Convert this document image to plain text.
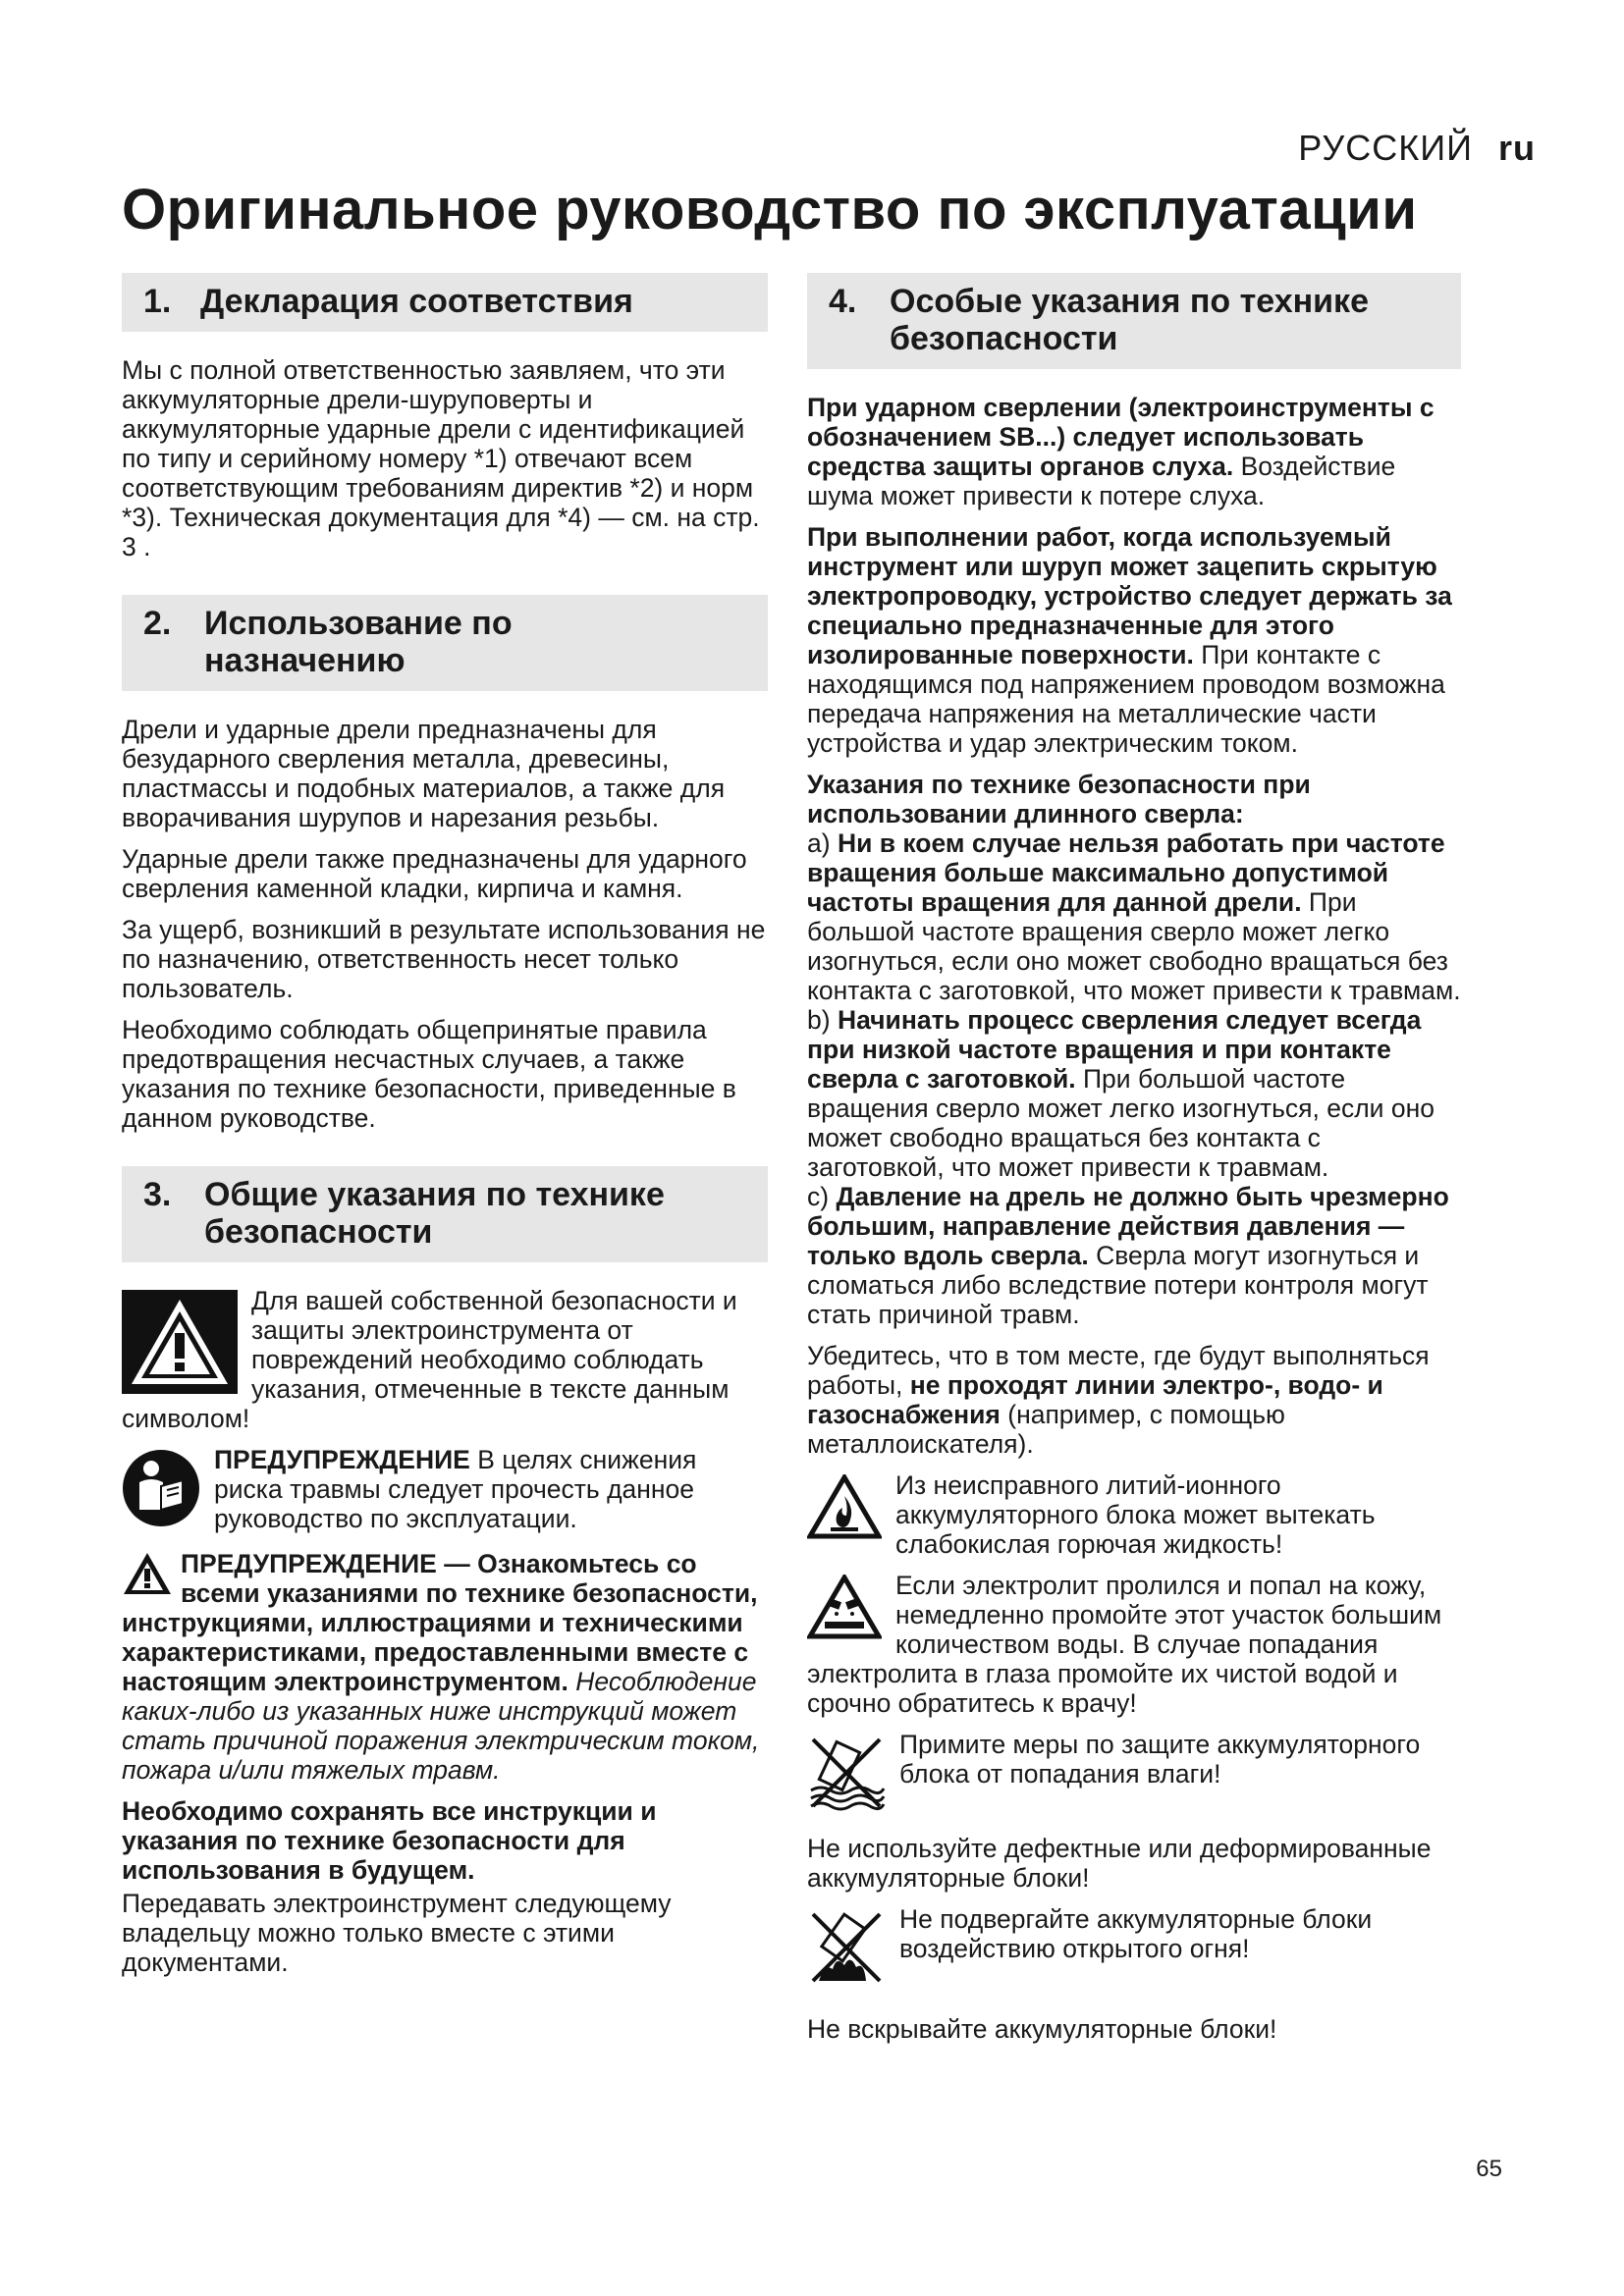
РУССКИЙ ru
Оригинальное руководство по эксплуатации
1. Декларация соответствия

Мы с полной ответственностью заявляем, что эти аккумуляторные дрели-шуруповерты и аккумуляторные ударные дрели с идентификацией по типу и серийному номеру *1) отвечают всем соответствующим требованиям директив *2) и норм *3). Техническая документация для *4) — см. на стр. 3 .

2. Использование по назначению

Дрели и ударные дрели предназначены для безударного сверления металла, древесины, пластмассы и подобных материалов, а также для вворачивания шурупов и нарезания резьбы.

Ударные дрели также предназначены для ударного сверления каменной кладки, кирпича и камня.

За ущерб, возникший в результате использования не по назначению, ответственность несет только пользователь.

Необходимо соблюдать общепринятые правила предотвращения несчастных случаев, а также указания по технике безопасности, приведенные в данном руководстве.

3. Общие указания по технике безопасности
Для вашей собственной безопасности и защиты электроинструмента от повреждений необходимо соблюдать указания, отмеченные в тексте данным символом!
ПРЕДУПРЕЖДЕНИЕ В целях снижения риска травмы следует прочесть данное руководство по эксплуатации.
ПРЕДУПРЕЖДЕНИЕ — Ознакомьтесь со всеми указаниями по технике безопасности, инструкциями, иллюстрациями и техническими характеристиками, предоставленными вместе с настоящим электроинструментом. Несоблюдение каких-либо из указанных ниже инструкций может стать причиной поражения электрическим током, пожара и/или тяжелых травм.

Необходимо сохранять все инструкции и указания по технике безопасности для использования в будущем.

Передавать электроинструмент следующему владельцу можно только вместе с этими документами.

4. Особые указания по технике безопасности

При ударном сверлении (электроинструменты с обозначением SB...) следует использовать средства защиты органов слуха. Воздействие шума может привести к потере слуха.

При выполнении работ, когда используемый инструмент или шуруп может зацепить скрытую электропроводку, устройство следует держать за специально предназначенные для этого изолированные поверхности. При контакте с находящимся под напряжением проводом возможна передача напряжения на металлические части устройства и удар электрическим током.

Указания по технике безопасности при использовании длинного сверла:

a) Ни в коем случае нельзя работать при частоте вращения больше максимально допустимой частоты вращения для данной дрели. При большой частоте вращения сверло может легко изогнуться, если оно может свободно вращаться без контакта с заготовкой, что может привести к травмам.

b) Начинать процесс сверления следует всегда при низкой частоте вращения и при контакте сверла с заготовкой. При большой частоте вращения сверло может легко изогнуться, если оно может свободно вращаться без контакта с заготовкой, что может привести к травмам.

c) Давление на дрель не должно быть чрезмерно большим, направление действия давления — только вдоль сверла. Сверла могут изогнуться и сломаться либо вследствие потери контроля могут стать причиной травм.

Убедитесь, что в том месте, где будут выполняться работы, не проходят линии электро-, водо- и газоснабжения (например, с помощью металлоискателя).

Из неисправного литий-ионного аккумуляторного блока может вытекать слабокислая горючая жидкость!
Если электролит пролился и попал на кожу, немедленно промойте этот участок большим количеством воды. В случае попадания электролита в глаза промойте их чистой водой и срочно обратитесь к врачу!
Примите меры по защите аккумуляторного блока от попадания влаги!

Не используйте дефектные или деформированные аккумуляторные блоки!

Не подвергайте аккумуляторные блоки воздействию открытого огня!

Не вскрывайте аккумуляторные блоки!

65
